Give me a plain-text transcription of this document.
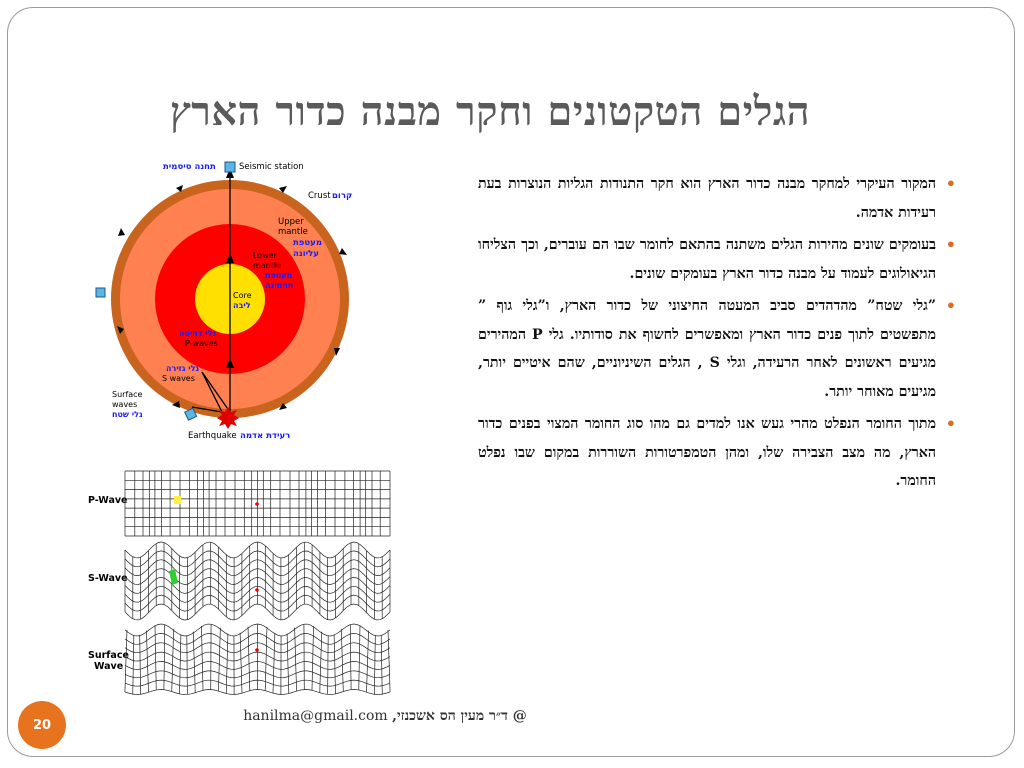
הגלים הטקטונים וחקר מבנה כדור הארץ
תחנה סיסמית	Seismic station
Crust קרום
Upper
mantle
מעטפת
עליונה
Lower
mantle
מעטפת
תחתונה
Core
ליבה
גלי דחיסה
P-waves
גלי גזירה
S waves
Surface
waves
גלי שטח
Earthquake רעידת אדמה
P-Wave
S-Wave
Surface
Wave
•
המקור העיקרי למחקר מבנה כדור הארץ הוא חקר התנודות הגליות הנוצרות בעת רעידות אדמה.
•
בעומקים שונים מהירות הגלים משתנה בהתאם לחומר שבו הם עוברים, וכך הצליחו הגיאולוגים לעמוד על מבנה כדור הארץ בעומקים שונים.
•
”גלי שטח” מהדהדים סביב המעטה החיצוני של כדור הארץ, ו”גלי גוף ” מתפשטים לתוך פנים כדור הארץ ומאפשרים לחשוף את סודותיו. גלי P המהירים מגיעים ראשונים לאחר הרעידה, וגלי S , הגלים השיניוניים, שהם איטיים יותר, מגיעים מאוחר יותר.
•
מתוך החומר הנפלט מהרי געש אנו למדים גם מהו סוג החומר המצוי בפנים כדור הארץ, מה מצב הצבירה שלו, ומהן הטמפרטורות השוררות במקום שבו נפלט החומר.
@ ד״ר מעין הס אשכנזי, hanilma@gmail.com
20
